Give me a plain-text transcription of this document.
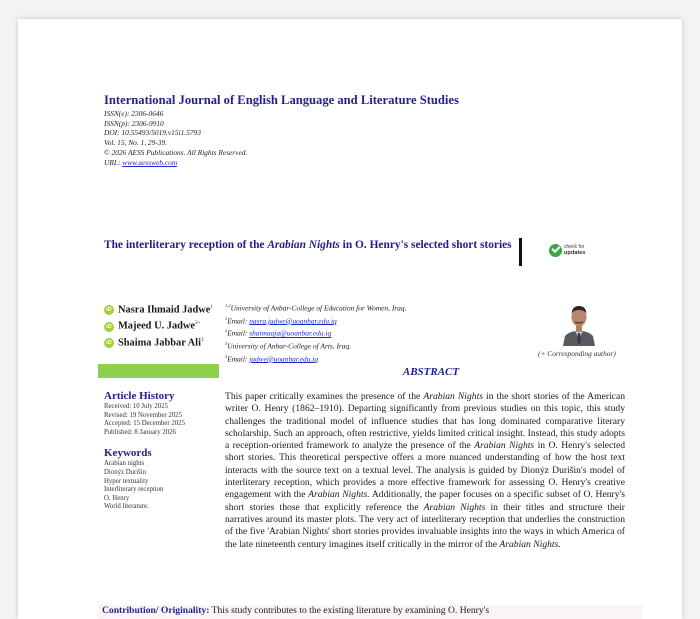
International Journal of English Language and Literature Studies
ISSN(e): 2306-0646
ISSN(p): 2306-9910
DOI: 10.55493/5019.v15i1.5793
Vol. 15, No. 1, 29-39.
© 2026 AESS Publications. All Rights Reserved.
URL: www.aessweb.com
The interliterary reception of the Arabian Nights in O. Henry's selected short stories	check for
updates
iD Nasra Ihmaid Jadwe$^1$
iD Majeed U. Jadwe$^{2+}$
iD Shaima Jabbar Ali$^3$
$^{1,2}$University of Anbar-College of Education for Women, Iraq.
$^1$Email: nasra.jadwe@uoanbar.edu.iq
$^2$Email: shaimaaja@uoanbar.edu.iq
$^3$University of Anbar-College of Arts, Iraq.
$^3$Email: jadwe@uoanbar.edu.iq
(+ Corresponding author)
ABSTRACT
Article History
Received: 10 July 2025
Revised: 19 November 2025
Accepted: 15 December 2025
Published: 8 January 2026
Keywords
Arabian nights
Dionýz Durišin
Hyper textuality
Interliterary reception
O. Henry
World literature.
This paper critically examines the presence of the Arabian Nights in the short stories of the American writer O. Henry (1862–1910). Departing significantly from previous studies on this topic, this study challenges the traditional model of influence studies that has long dominated comparative literary scholarship. Such an approach, often restrictive, yields limited critical insight. Instead, this study adopts a reception-oriented framework to analyze the presence of the Arabian Nights in O. Henry's selected short stories. This theoretical perspective offers a more nuanced understanding of how the host text interacts with the source text on a textual level. The analysis is guided by Dionýz Durišin's model of interliterary reception, which provides a more effective framework for assessing O. Henry's creative engagement with the Arabian Nights. Additionally, the paper focuses on a specific subset of O. Henry's short stories those that explicitly reference the Arabian Nights in their titles and structure their narratives around its master plots. The very act of interliterary reception that underlies the construction of the five 'Arabian Nights' short stories provides invaluable insights into the ways in which America of the late nineteenth century imagines itself critically in the mirror of the Arabian Nights.
Contribution/ Originality: This study contributes to the existing literature by examining O. Henry's
